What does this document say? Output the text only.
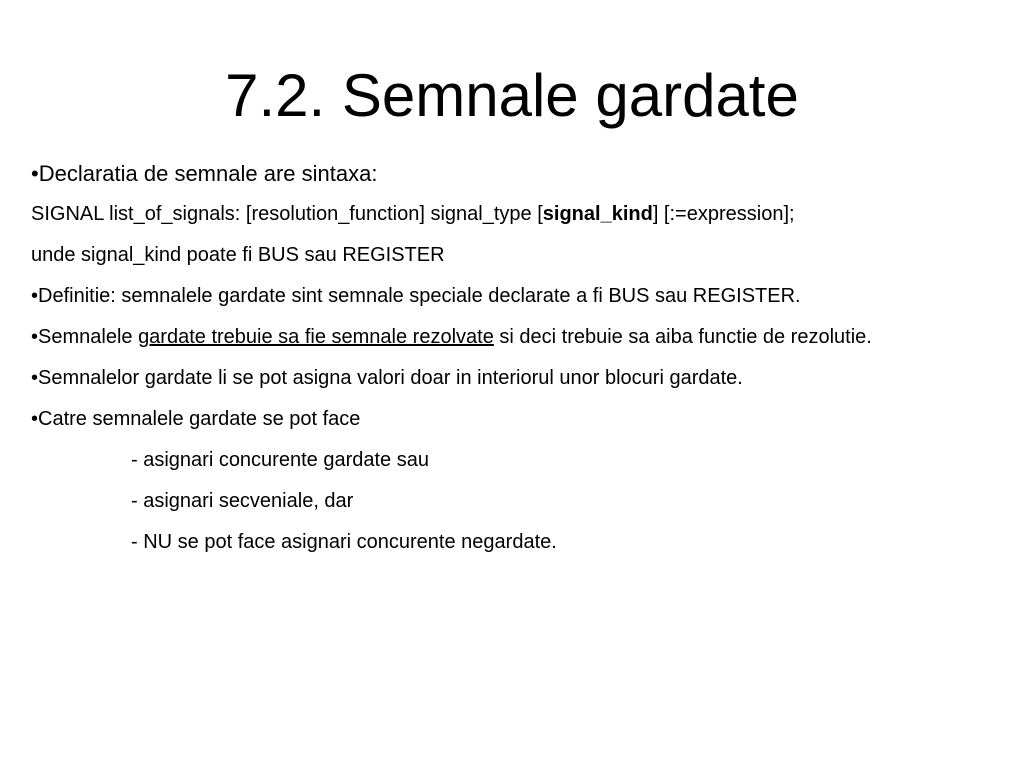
7.2. Semnale gardate

•Declaratia de semnale are sintaxa:

SIGNAL list_of_signals: [resolution_function] signal_type [signal_kind] [:=expression];

unde signal_kind poate fi BUS sau REGISTER

•Definitie: semnalele gardate sint semnale speciale declarate a fi BUS sau REGISTER.

•Semnalele gardate trebuie sa fie semnale rezolvate si deci trebuie sa aiba functie de rezolutie.

•Semnalelor gardate li se pot asigna valori doar in interiorul unor blocuri gardate.

•Catre semnalele gardate se pot face

- asignari concurente gardate sau

- asignari secveniale, dar

- NU se pot face asignari concurente negardate.
